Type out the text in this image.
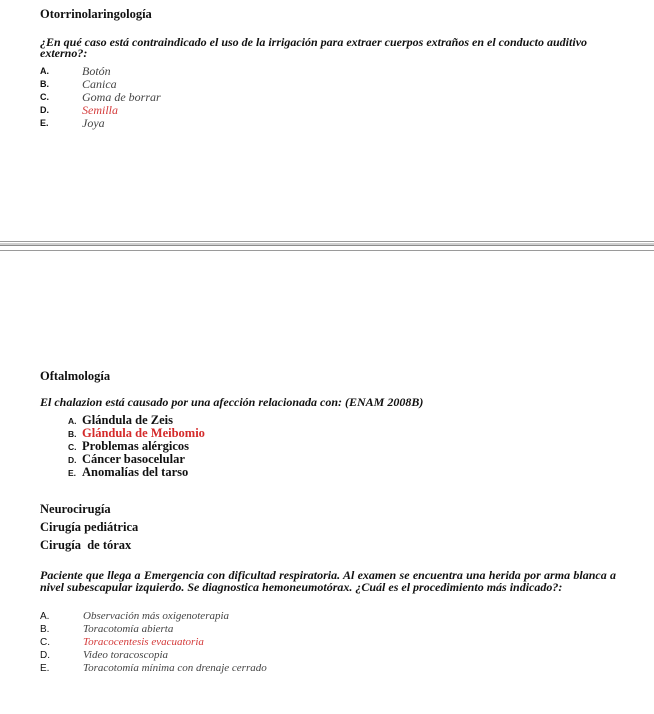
Otorrinolaringología
¿En qué caso está contraindicado el uso de la irrigación para extraer cuerpos extraños en el conducto auditivo externo?:
A.	Botón
B.	Canica
C.	Goma de borrar
D.	Semilla
E.	Joya
Oftalmología
El chalazion está causado por una afección relacionada con: (ENAM 2008B)
A. Glándula de Zeis
B. Glándula de Meibomio
C. Problemas alérgicos
D. Cáncer basocelular
E. Anomalías del tarso
Neurocirugía
Cirugía pediátrica
Cirugía  de tórax
Paciente que llega a Emergencia con dificultad respiratoria. Al examen se encuentra una herida por arma blanca a nivel subescapular izquierdo. Se diagnostica hemoneumotórax. ¿Cuál es el procedimiento más indicado?:
A.	Observación más oxigenoterapia
B.	Toracotomía abierta
C.	Toracocentesis evacuatoria
D.	Video toracoscopia
E.	Toracotomía mínima con drenaje cerrado
